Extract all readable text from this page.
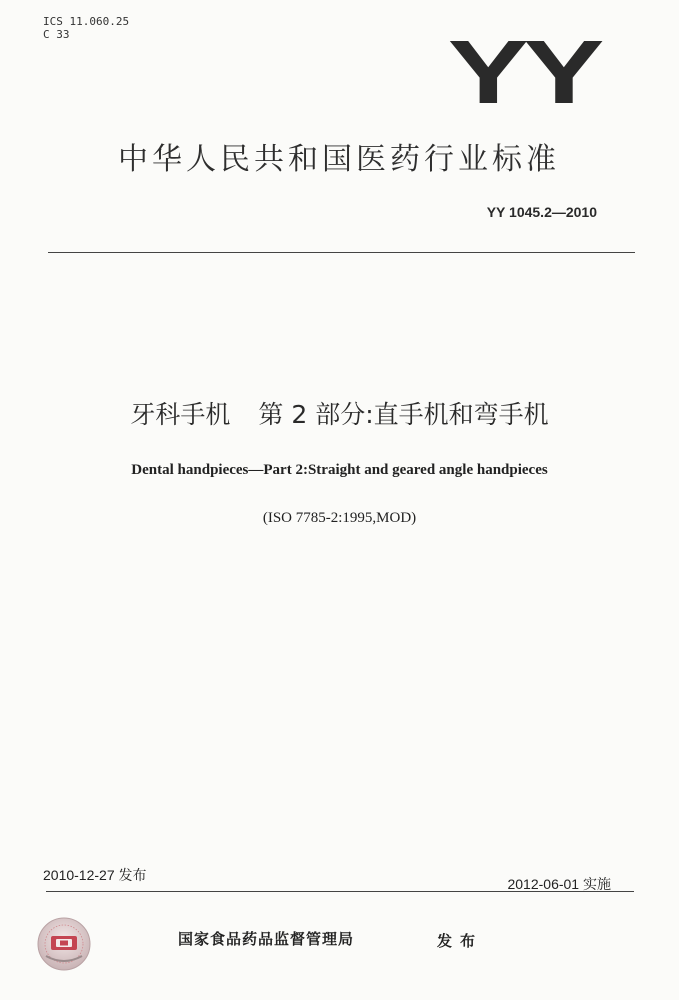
ICS 11.060.25
C 33	YY
中华人民共和国医药行业标准
YY 1045.2—2010
牙科手机 第 2 部分:直手机和弯手机
Dental handpieces—Part 2:Straight and geared angle handpieces
(ISO 7785-2:1995,MOD)
2010-12-27 发布
2012-06-01 实施
国家食品药品监督管理局	发布
